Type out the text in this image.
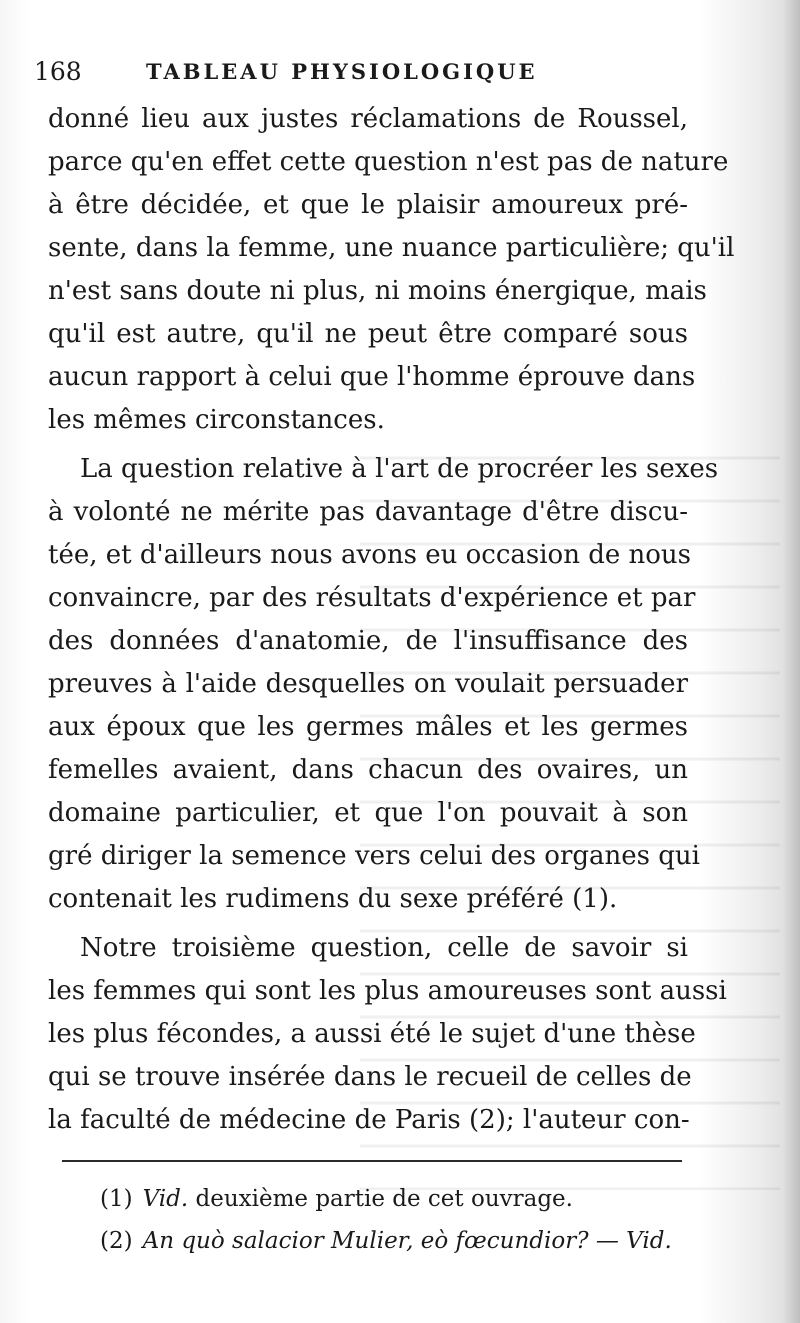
168	TABLEAU PHYSIOLOGIQUE
donné lieu aux justes réclamations de Roussel,
parce qu'en effet cette question n'est pas de nature
à être décidée, et que le plaisir amoureux pré-
sente, dans la femme, une nuance particulière; qu'il
n'est sans doute ni plus, ni moins énergique, mais
qu'il est autre, qu'il ne peut être comparé sous
aucun rapport à celui que l'homme éprouve dans
les mêmes circonstances.
La question relative à l'art de procréer les sexes
à volonté ne mérite pas davantage d'être discu-
tée, et d'ailleurs nous avons eu occasion de nous
convaincre, par des résultats d'expérience et par
des données d'anatomie, de l'insuffisance des
preuves à l'aide desquelles on voulait persuader
aux époux que les germes mâles et les germes
femelles avaient, dans chacun des ovaires, un
domaine particulier, et que l'on pouvait à son
gré diriger la semence vers celui des organes qui
contenait les rudimens du sexe préféré (1).
Notre troisième question, celle de savoir si
les femmes qui sont les plus amoureuses sont aussi
les plus fécondes, a aussi été le sujet d'une thèse
qui se trouve insérée dans le recueil de celles de
la faculté de médecine de Paris (2); l'auteur con-
(1) Vid. deuxième partie de cet ouvrage.
(2) An quò salacior Mulier, eò fœcundior? — Vid.
